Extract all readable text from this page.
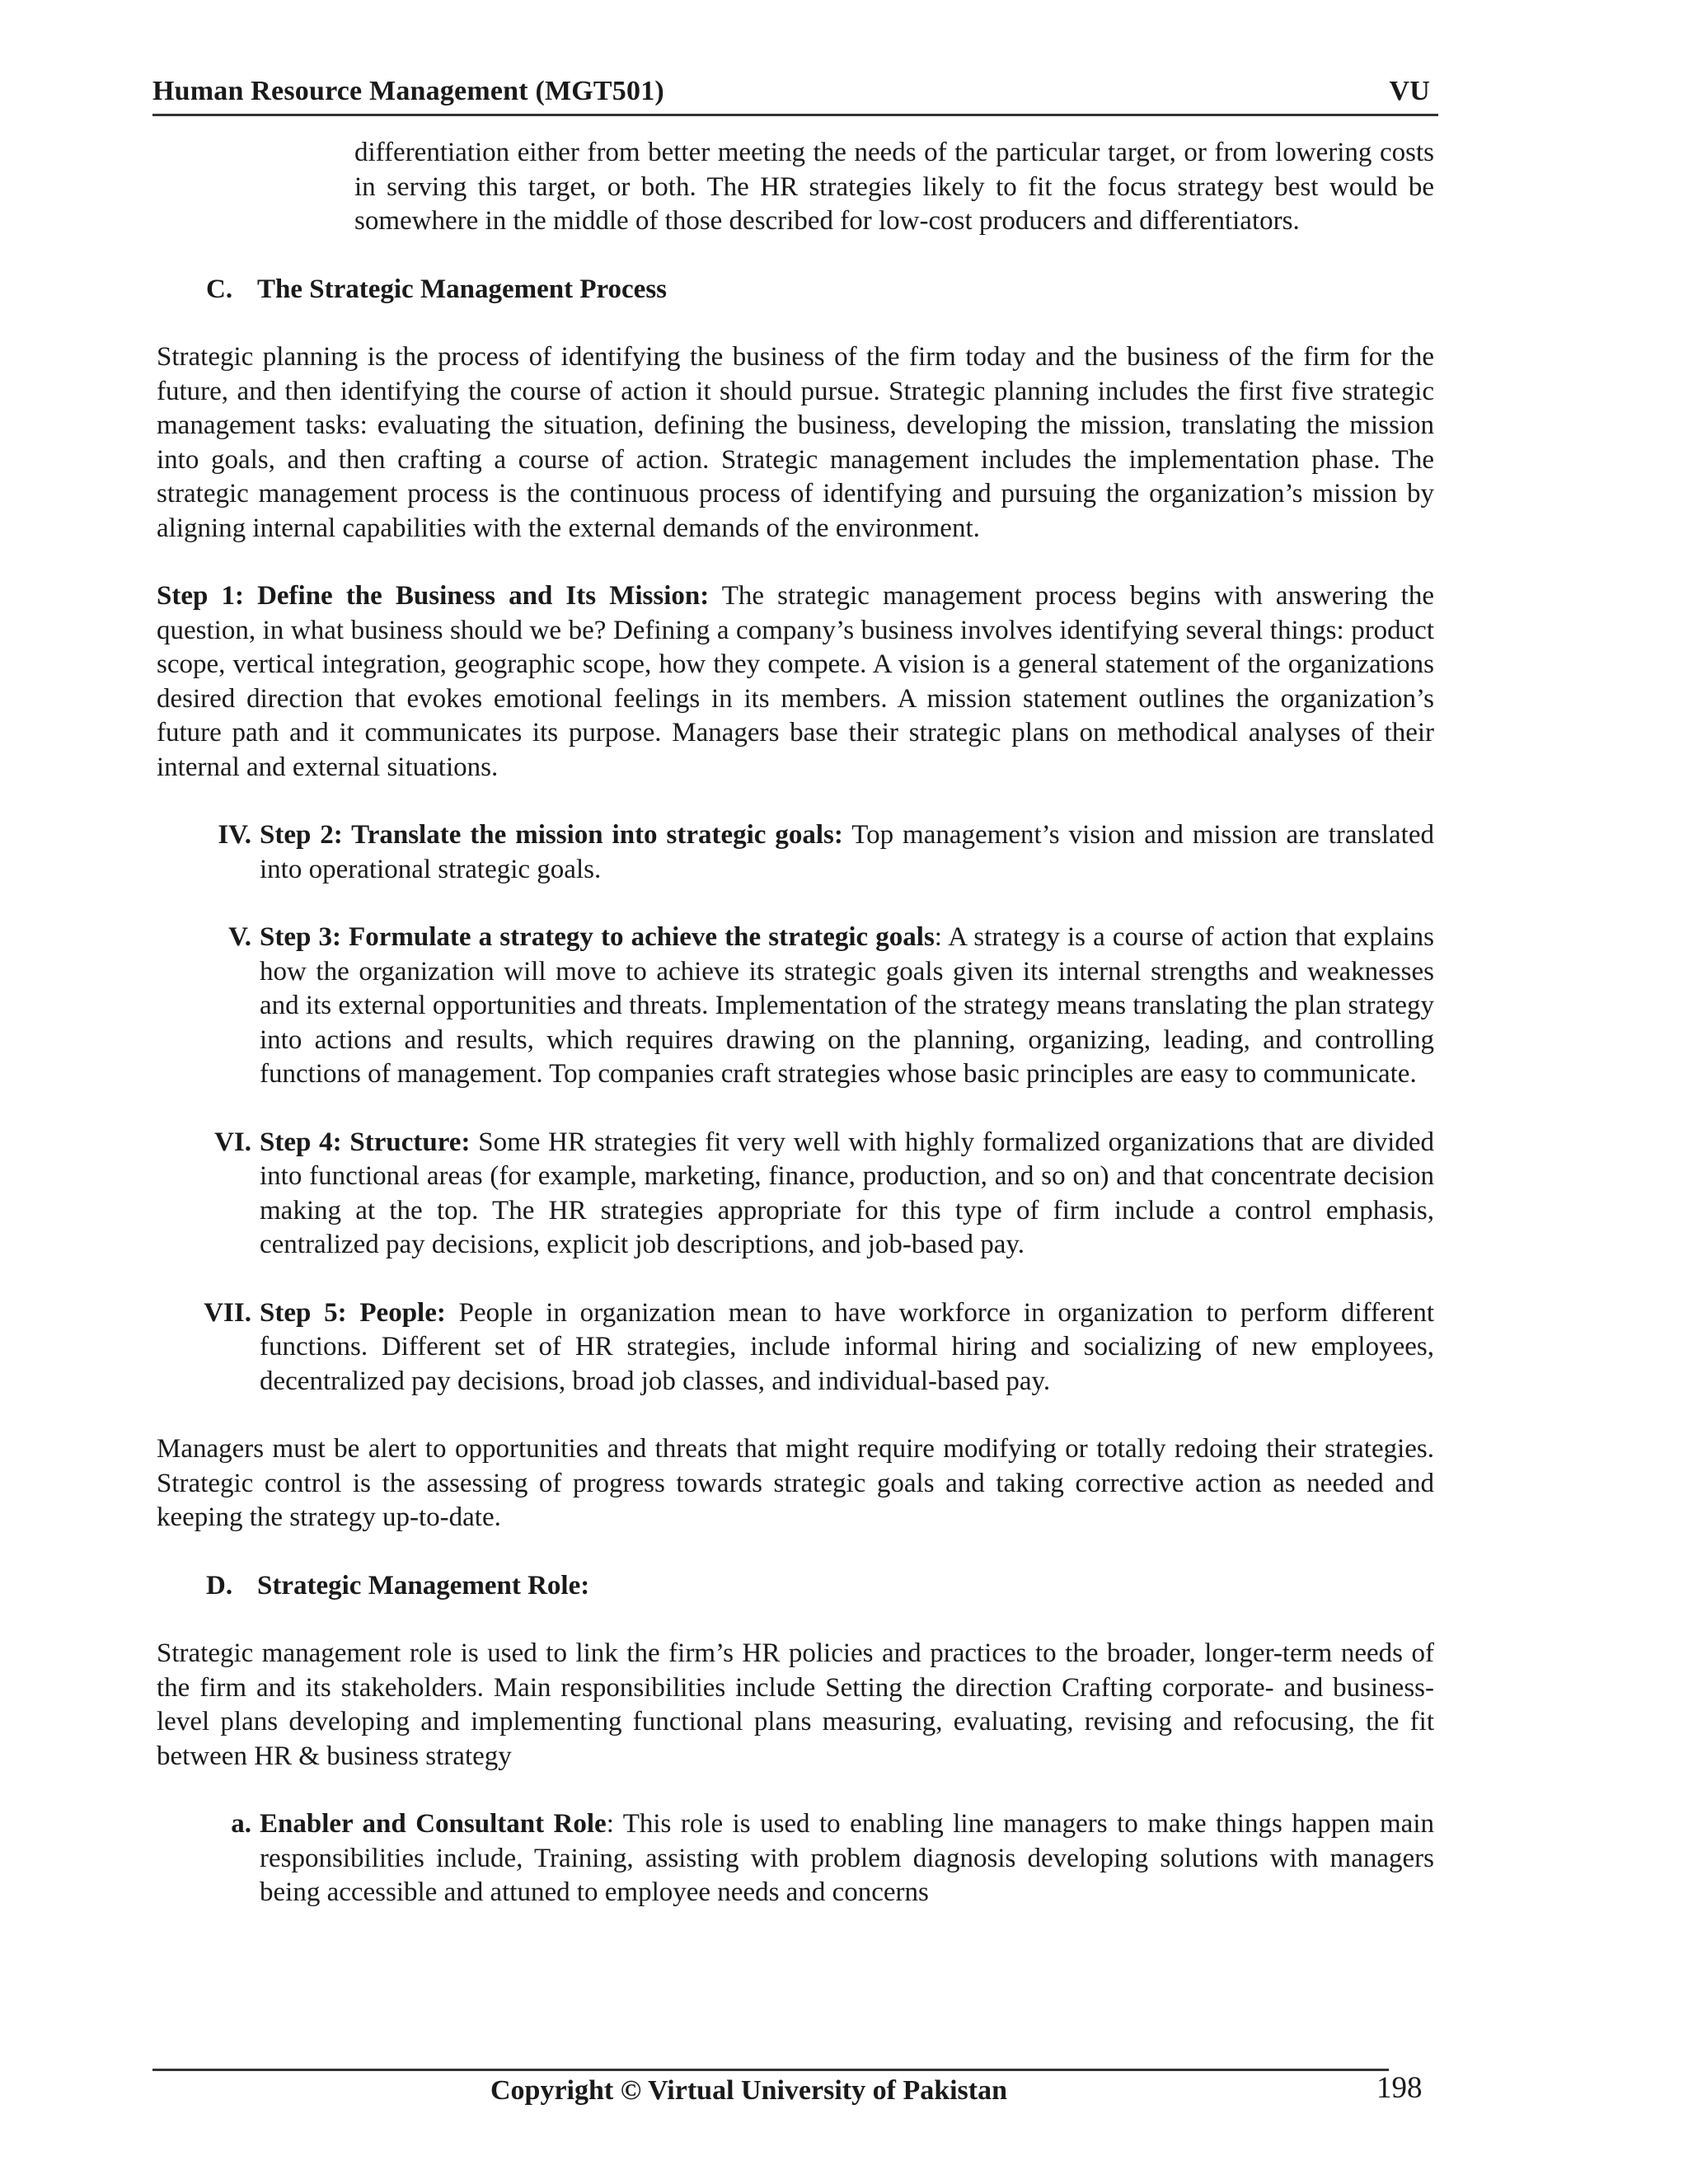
Human Resource Management (MGT501)	VU

differentiation either from better meeting the needs of the particular target, or from lowering costs in serving this target, or both. The HR strategies likely to fit the focus strategy best would be somewhere in the middle of those described for low-cost producers and differentiators.

C. The Strategic Management Process

Strategic planning is the process of identifying the business of the firm today and the business of the firm for the future, and then identifying the course of action it should pursue. Strategic planning includes the first five strategic management tasks: evaluating the situation, defining the business, developing the mission, translating the mission into goals, and then crafting a course of action. Strategic management includes the implementation phase. The strategic management process is the continuous process of identifying and pursuing the organization’s mission by aligning internal capabilities with the external demands of the environment.

Step 1: Define the Business and Its Mission: The strategic management process begins with answering the question, in what business should we be? Defining a company’s business involves identifying several things: product scope, vertical integration, geographic scope, how they compete. A vision is a general statement of the organizations desired direction that evokes emotional feelings in its members. A mission statement outlines the organization’s future path and it communicates its purpose. Managers base their strategic plans on methodical analyses of their internal and external situations.

IV. Step 2: Translate the mission into strategic goals: Top management’s vision and mission are translated into operational strategic goals.

V. Step 3: Formulate a strategy to achieve the strategic goals: A strategy is a course of action that explains how the organization will move to achieve its strategic goals given its internal strengths and weaknesses and its external opportunities and threats. Implementation of the strategy means translating the plan strategy into actions and results, which requires drawing on the planning, organizing, leading, and controlling functions of management. Top companies craft strategies whose basic principles are easy to communicate.

VI. Step 4: Structure: Some HR strategies fit very well with highly formalized organizations that are divided into functional areas (for example, marketing, finance, production, and so on) and that concentrate decision making at the top. The HR strategies appropriate for this type of firm include a control emphasis, centralized pay decisions, explicit job descriptions, and job-based pay.

VII. Step 5: People: People in organization mean to have workforce in organization to perform different functions. Different set of HR strategies, include informal hiring and socializing of new employees, decentralized pay decisions, broad job classes, and individual-based pay.

Managers must be alert to opportunities and threats that might require modifying or totally redoing their strategies. Strategic control is the assessing of progress towards strategic goals and taking corrective action as needed and keeping the strategy up-to-date.

D. Strategic Management Role:

Strategic management role is used to link the firm’s HR policies and practices to the broader, longer-term needs of the firm and its stakeholders. Main responsibilities include Setting the direction Crafting corporate- and business-level plans developing and implementing functional plans measuring, evaluating, revising and refocusing, the fit between HR & business strategy

a. Enabler and Consultant Role: This role is used to enabling line managers to make things happen main responsibilities include, Training, assisting with problem diagnosis developing solutions with managers being accessible and attuned to employee needs and concerns

Copyright © Virtual University of Pakistan	198
